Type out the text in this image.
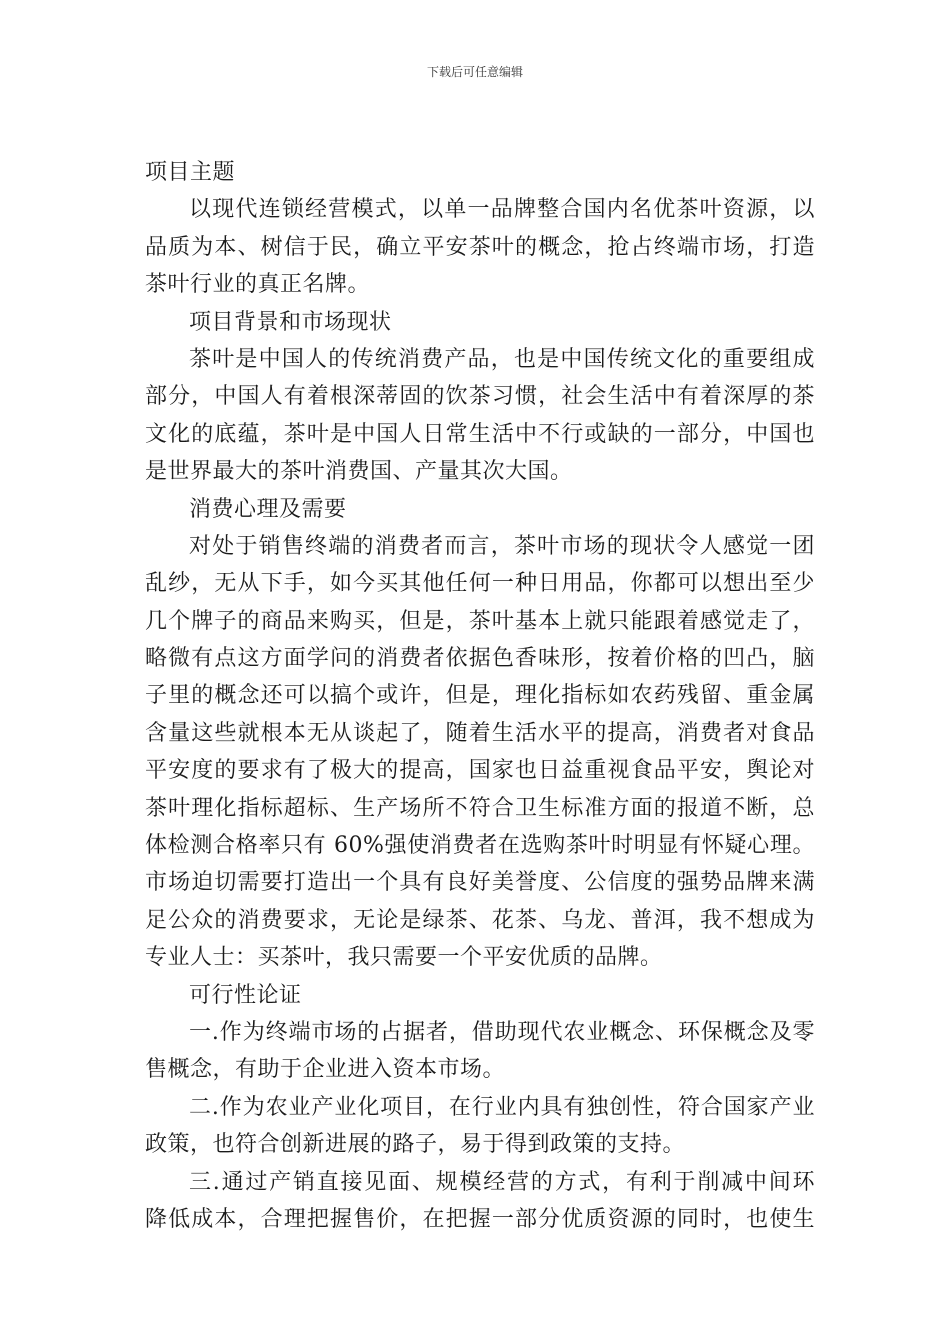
下载后可任意编辑
项目主题
以现代连锁经营模式，以单一品牌整合国内名优茶叶资源，以
品质为本、树信于民，确立平安茶叶的概念，抢占终端市场，打造
茶叶行业的真正名牌。
项目背景和市场现状
茶叶是中国人的传统消费产品，也是中国传统文化的重要组成
部分，中国人有着根深蒂固的饮茶习惯，社会生活中有着深厚的茶
文化的底蕴，茶叶是中国人日常生活中不行或缺的一部分，中国也
是世界最大的茶叶消费国、产量其次大国。
消费心理及需要
对处于销售终端的消费者而言，茶叶市场的现状令人感觉一团
乱纱，无从下手，如今买其他任何一种日用品，你都可以想出至少
几个牌子的商品来购买，但是，茶叶基本上就只能跟着感觉走了，
略微有点这方面学问的消费者依据色香味形，按着价格的凹凸，脑
子里的概念还可以搞个或许，但是，理化指标如农药残留、重金属
含量这些就根本无从谈起了，随着生活水平的提高，消费者对食品
平安度的要求有了极大的提高，国家也日益重视食品平安，舆论对
茶叶理化指标超标、生产场所不符合卫生标准方面的报道不断，总
体检测合格率只有 60%强使消费者在选购茶叶时明显有怀疑心理。
市场迫切需要打造出一个具有良好美誉度、公信度的强势品牌来满
足公众的消费要求，无论是绿茶、花茶、乌龙、普洱，我不想成为
专业人士：买茶叶，我只需要一个平安优质的品牌。
可行性论证
一.作为终端市场的占据者，借助现代农业概念、环保概念及零
售概念，有助于企业进入资本市场。
二.作为农业产业化项目，在行业内具有独创性，符合国家产业
政策，也符合创新进展的路子，易于得到政策的支持。
三.通过产销直接见面、规模经营的方式，有利于削减中间环
降低成本，合理把握售价，在把握一部分优质资源的同时，也使生
